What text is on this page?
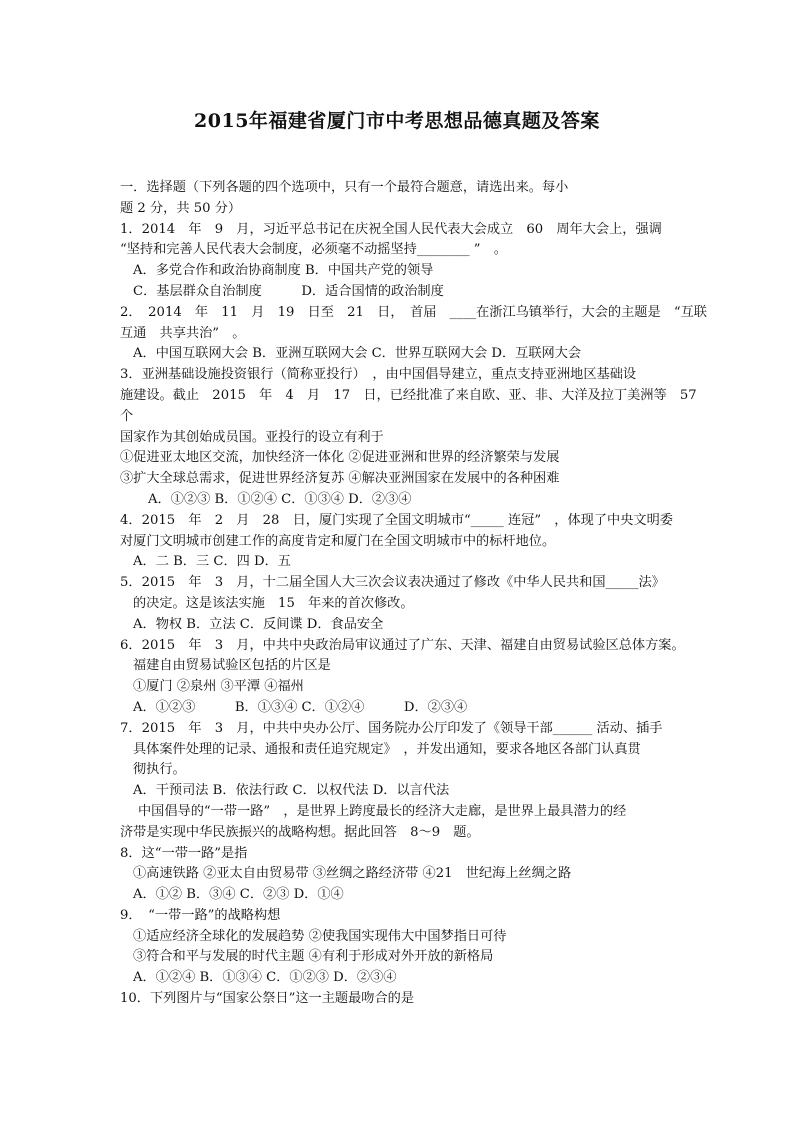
2015年福建省厦门市中考思想品德真题及答案
一．选择题（下列各题的四个选项中，只有一个最符合题意，请选出来。每小
题 2 分，共 50 分）
1．2014　年　9　月，习近平总书记在庆祝全国人民代表大会成立　60　周年大会上，强调
“坚持和完善人民代表大会制度，必须毫不动摇坚持________ ”　。
A．多党合作和政治协商制度 B．中国共产党的领导
C．基层群众自治制度　　　D．适合国情的政治制度
2．　2014　年　11　月　19　日至　21　日，　首届　____在浙江乌镇举行，大会的主题是　“互联
互通　共享共治”　。
A．中国互联网大会 B．亚洲互联网大会 C．世界互联网大会 D．互联网大会
3．亚洲基础设施投资银行（简称亚投行）　，由中国倡导建立，重点支持亚洲地区基础设
施建设。截止　2015　年　4　月　17　日，已经批准了来自欧、亚、非、大洋及拉丁美洲等　57
个
国家作为其创始成员国。亚投行的设立有利于
①促进亚太地区交流，加快经济一体化 ②促进亚洲和世界的经济繁荣与发展
③扩大全球总需求，促进世界经济复苏 ④解决亚洲国家在发展中的各种困难
A．①②③ B．①②④ C．①③④ D．②③④
4．2015　年　2　月　28　日，厦门实现了全国文明城市“_____ 连冠”　，体现了中央文明委
对厦门文明城市创建工作的高度肯定和厦门在全国文明城市中的标杆地位。
A．二 B．三 C．四 D．五
5．2015　年　3　月，十二届全国人大三次会议表决通过了修改《中华人民共和国_____法》
的决定。这是该法实施　15　年来的首次修改。
A．物权 B．立法 C．反间谍 D．食品安全
6．2015　年　3　月，中共中央政治局审议通过了广东、天津、福建自由贸易试验区总体方案。
福建自由贸易试验区包括的片区是
①厦门 ②泉州 ③平潭 ④福州
A．①②③　　　B．①③④ C．①②④　　　D．②③④
7．2015　年　3　月，中共中央办公厅、国务院办公厅印发了《领导干部______ 活动、插手
具体案件处理的记录、通报和责任追究规定》　，并发出通知，要求各地区各部门认真贯
彻执行。
A．干预司法 B．依法行政 C．以权代法 D．以言代法
中国倡导的“一带一路”　，是世界上跨度最长的经济大走廊，是世界上最具潜力的经
济带是实现中华民族振兴的战略构想。据此回答　8～9　题。
8．这“一带一路”是指
①高速铁路 ②亚太自由贸易带 ③丝绸之路经济带 ④21　世纪海上丝绸之路
A．①② B．③④ C．②③ D．①④
9．　“一带一路”的战略构想
①适应经济全球化的发展趋势 ②使我国实现伟大中国梦指日可待
③符合和平与发展的时代主题 ④有利于形成对外开放的新格局
A．①②④ B．①③④ C．①②③ D．②③④
10．下列图片与“国家公祭日”这一主题最吻合的是
